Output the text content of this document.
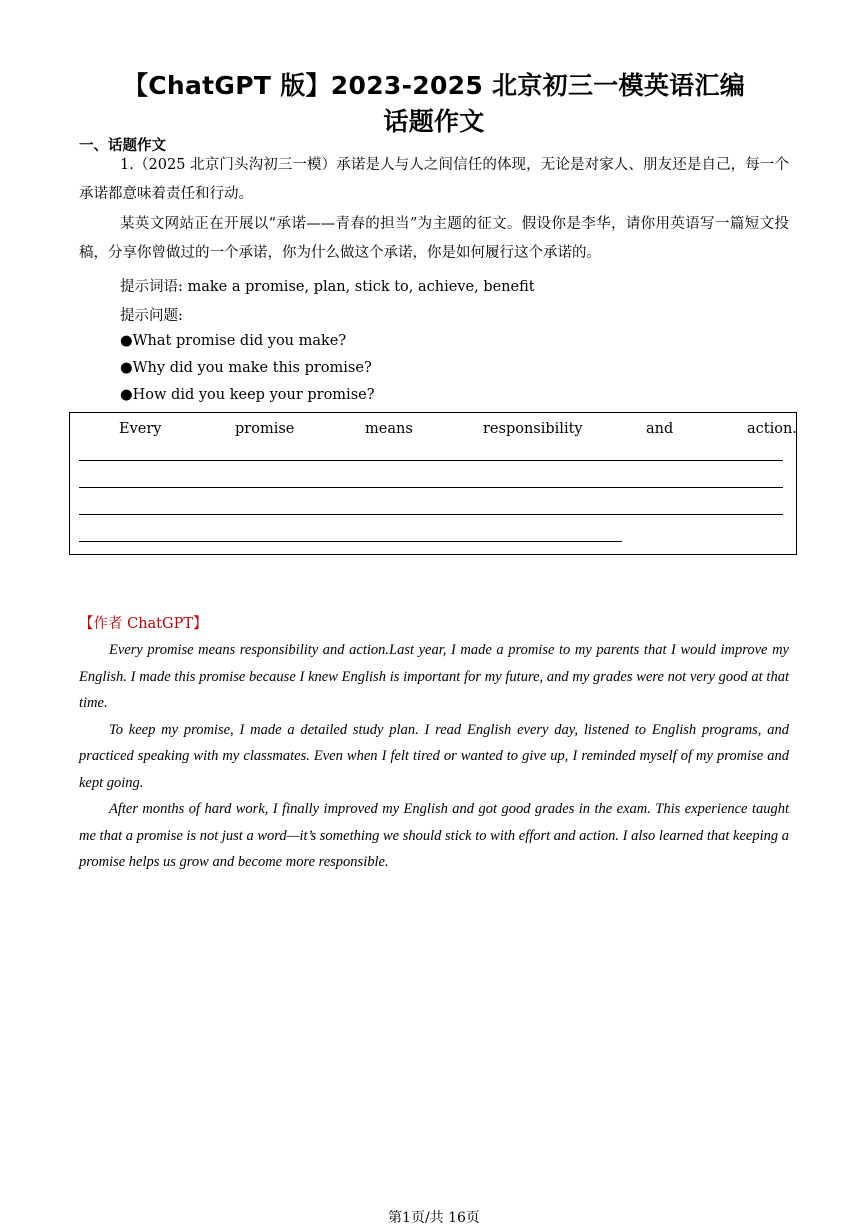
【ChatGPT 版】2023-2025 北京初三一模英语汇编
话题作文
一、话题作文
1.（2025 北京门头沟初三一模）承诺是人与人之间信任的体现，无论是对家人、朋友还是自己，每一个承诺都意味着责任和行动。
某英文网站正在开展以“承诺——青春的担当”为主题的征文。假设你是李华，请你用英语写一篇短文投稿，分享你曾做过的一个承诺，你为什么做这个承诺，你是如何履行这个承诺的。
提示词语: make a promise, plan, stick to, achieve, benefit
提示问题:
●What promise did you make?
●Why did you make this promise?
●How did you keep your promise?
Every	promise	means	responsibility	and	action.
【作者 ChatGPT】

Every promise means responsibility and action.Last year, I made a promise to my parents that I would improve my English. I made this promise because I knew English is important for my future, and my grades were not very good at that time.

To keep my promise, I made a detailed study plan. I read English every day, listened to English programs, and practiced speaking with my classmates. Even when I felt tired or wanted to give up, I reminded myself of my promise and kept going.

After months of hard work, I finally improved my English and got good grades in the exam. This experience taught me that a promise is not just a word—it’s something we should stick to with effort and action. I also learned that keeping a promise helps us grow and become more responsible.

第1页/共 16页
